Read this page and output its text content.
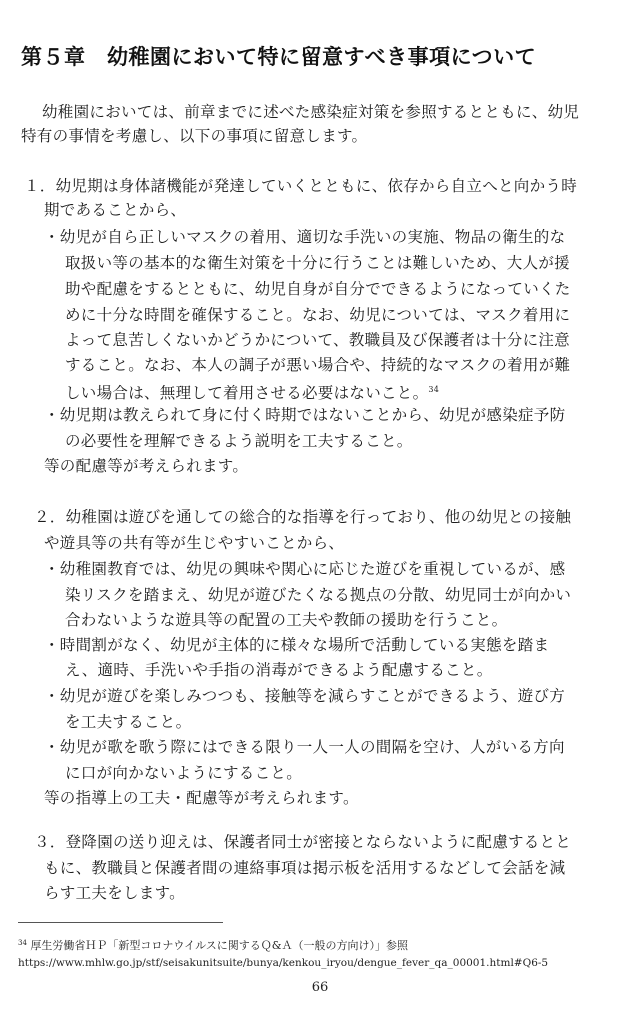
第５章　幼稚園において特に留意すべき事項について
幼稚園においては、前章までに述べた感染症対策を参照するとともに、幼児
特有の事情を考慮し、以下の事項に留意します。
１．幼児期は身体諸機能が発達していくとともに、依存から自立へと向かう時
期であることから、
・幼児が自ら正しいマスクの着用、適切な手洗いの実施、物品の衛生的な
取扱い等の基本的な衛生対策を十分に行うことは難しいため、大人が援
助や配慮をするとともに、幼児自身が自分でできるようになっていくた
めに十分な時間を確保すること。なお、幼児については、マスク着用に
よって息苦しくないかどうかについて、教職員及び保護者は十分に注意
すること。なお、本人の調子が悪い場合や、持続的なマスクの着用が難
しい場合は、無理して着用させる必要はないこと。$^{34}$
・幼児期は教えられて身に付く時期ではないことから、幼児が感染症予防
の必要性を理解できるよう説明を工夫すること。
等の配慮等が考えられます。
２．幼稚園は遊びを通しての総合的な指導を行っており、他の幼児との接触
や遊具等の共有等が生じやすいことから、
・幼稚園教育では、幼児の興味や関心に応じた遊びを重視しているが、感
染リスクを踏まえ、幼児が遊びたくなる拠点の分散、幼児同士が向かい
合わないような遊具等の配置の工夫や教師の援助を行うこと。
・時間割がなく、幼児が主体的に様々な場所で活動している実態を踏ま
え、適時、手洗いや手指の消毒ができるよう配慮すること。
・幼児が遊びを楽しみつつも、接触等を減らすことができるよう、遊び方
を工夫すること。
・幼児が歌を歌う際にはできる限り一人一人の間隔を空け、人がいる方向
に口が向かないようにすること。
等の指導上の工夫・配慮等が考えられます。
３．登降園の送り迎えは、保護者同士が密接とならないように配慮するとと
もに、教職員と保護者間の連絡事項は掲示板を活用するなどして会話を減
らす工夫をします。
$^{34}$ 厚生労働省ＨＰ「新型コロナウイルスに関するＱ&Ａ（一般の方向け）」参照
https://www.mhlw.go.jp/stf/seisakunitsuite/bunya/kenkou_iryou/dengue_fever_qa_00001.html#Q6-5
66
